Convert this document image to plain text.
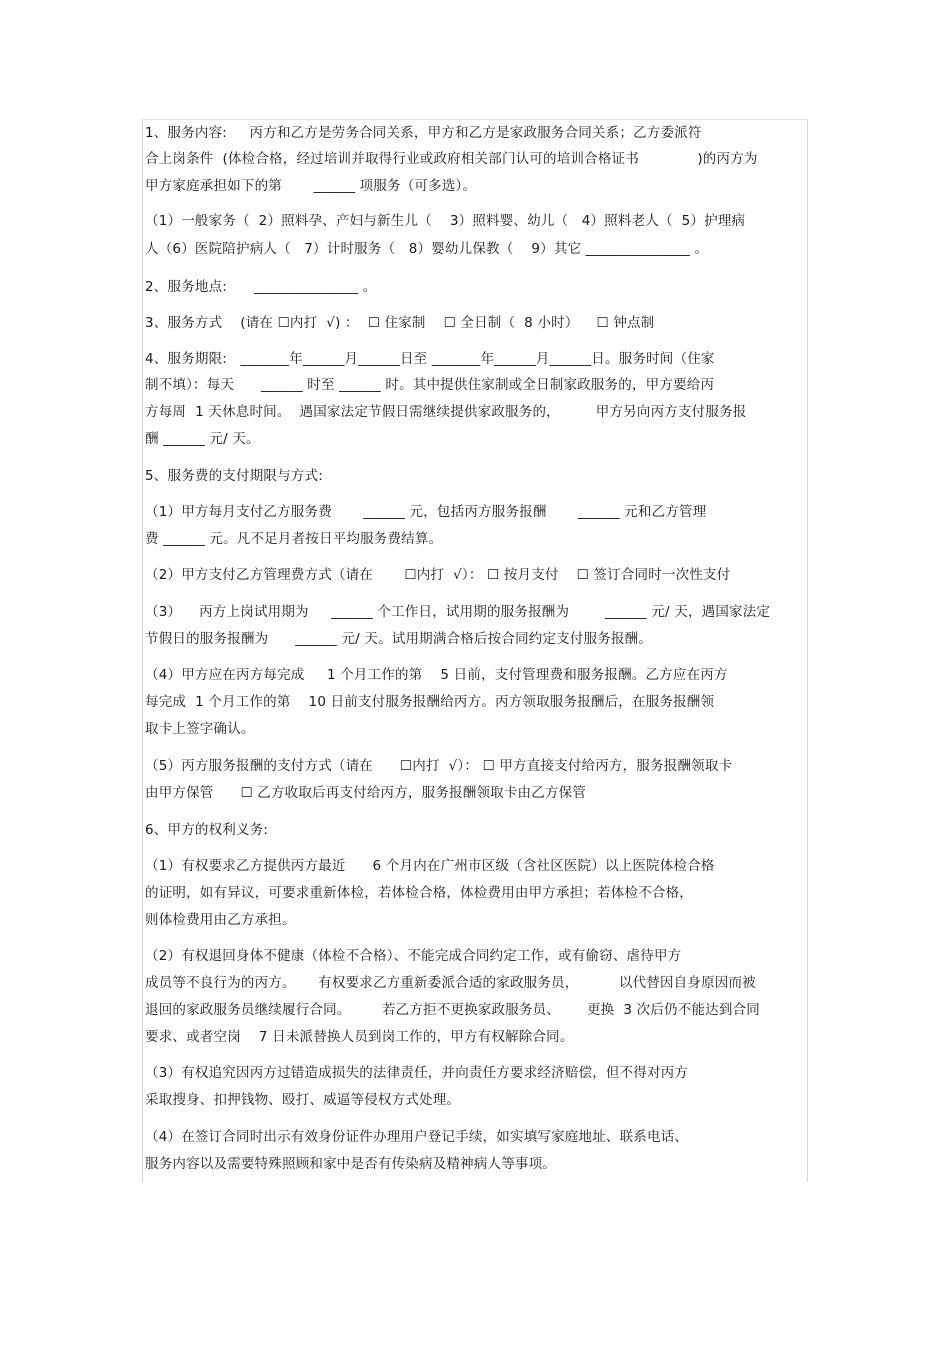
1、服务内容:     丙方和乙方是劳务合同关系，甲方和乙方是家政服务合同关系；乙方委派符
合上岗条件  (体检合格，经过培训并取得行业或政府相关部门认可的培训合格证书             )的丙方为
甲方家庭承担如下的第       ______ 项服务（可多选）。
（1）一般家务（  2）照料孕、产妇与新生儿（    3）照料婴、幼儿（   4）照料老人（  5）护理病
人（6）医院陪护病人（   7）计时服务（   8）婴幼儿保教（    9）其它 _______________ 。
2、服务地点:      _______________ 。
3、服务方式    (请在 ☐内打  √) ：  ☐ 住家制    ☐ 全日制（  8 小时）    ☐ 钟点制
4、服务期限:   _______年______月______日至 _______年______月______日。服务时间（住家
制不填）：每天      ______ 时至 ______ 时。其中提供住家制或全日制家政服务的，甲方要给丙
方每周  1 天休息时间。  遇国家法定节假日需继续提供家政服务的，        甲方另向丙方支付服务报
酬 ______ 元/ 天。
5、服务费的支付期限与方式:
（1）甲方每月支付乙方服务费       ______ 元，包括丙方服务报酬       ______ 元和乙方管理
费 ______ 元。凡不足月者按日平均服务费结算。
（2）甲方支付乙方管理费方式（请在       ☐内打  √）： ☐ 按月支付    ☐ 签订合同时一次性支付
（3）    丙方上岗试用期为     ______ 个工作日，试用期的服务报酬为        ______ 元/ 天，遇国家法定
节假日的服务报酬为      ______ 元/ 天。试用期满合格后按合同约定支付服务报酬。
（4）甲方应在丙方每完成     1 个月工作的第    5 日前，支付管理费和服务报酬。乙方应在丙方
每完成  1 个月工作的第    10 日前支付服务报酬给丙方。丙方领取服务报酬后，在服务报酬领
取卡上签字确认。
（5）丙方服务报酬的支付方式（请在      ☐内打  √）： ☐ 甲方直接支付给丙方，服务报酬领取卡
由甲方保管      ☐ 乙方收取后再支付给丙方，服务报酬领取卡由乙方保管
6、甲方的权利义务:
（1）有权要求乙方提供丙方最近      6 个月内在广州市区级（含社区医院）以上医院体检合格
的证明，如有异议，可要求重新体检，若体检合格，体检费用由甲方承担；若体检不合格，
则体检费用由乙方承担。
（2）有权退回身体不健康（体检不合格）、不能完成合同约定工作，或有偷窃、虐待甲方
成员等不良行为的丙方。     有权要求乙方重新委派合适的家政服务员，         以代替因自身原因而被
退回的家政服务员继续履行合同。       若乙方拒不更换家政服务员、      更换  3 次后仍不能达到合同
要求、或者空岗    7 日未派替换人员到岗工作的，甲方有权解除合同。
（3）有权追究因丙方过错造成损失的法律责任，并向责任方要求经济赔偿，但不得对丙方
采取搜身、扣押钱物、殴打、威逼等侵权方式处理。
（4）在签订合同时出示有效身份证件办理用户登记手续，如实填写家庭地址、联系电话、
服务内容以及需要特殊照顾和家中是否有传染病及精神病人等事项。
